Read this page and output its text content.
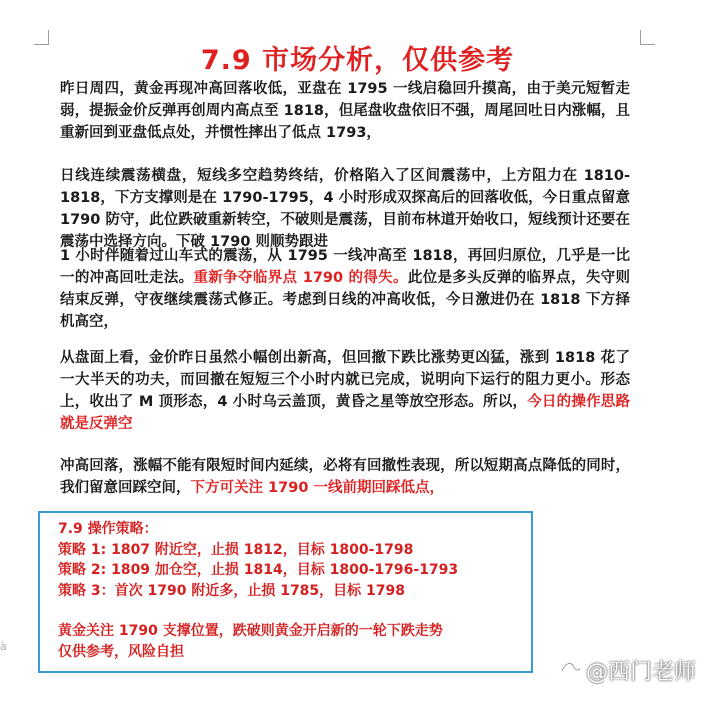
7.9 市场分析，仅供参考
昨日周四，黄金再现冲高回落收低，亚盘在 1795 一线启稳回升摸高，由于美元短暂走弱，提振金价反弹再创周内高点至 1818，但尾盘收盘依旧不强，周尾回吐日内涨幅，且重新回到亚盘低点处，并惯性摔出了低点 1793，
日线连续震荡横盘，短线多空趋势终结，价格陷入了区间震荡中，上方阻力在 1810-1818，下方支撑则是在 1790-1795，4 小时形成双探高后的回落收低，今日重点留意 1790 防守，此位跌破重新转空，不破则是震荡，目前布林道开始收口，短线预计还要在震荡中选择方向。下破 1790 则顺势跟进
1 小时伴随着过山车式的震荡，从 1795 一线冲高至 1818，再回归原位，几乎是一比一的冲高回吐走法。重新争夺临界点 1790 的得失。此位是多头反弹的临界点，失守则结束反弹，守夜继续震荡式修正。考虑到日线的冲高收低，今日激进仍在 1818 下方择机高空，
从盘面上看，金价昨日虽然小幅创出新高，但回撤下跌比涨势更凶猛，涨到 1818 花了一大半天的功夫，而回撤在短短三个小时内就已完成，说明向下运行的阻力更小。形态上，收出了 M 顶形态，4 小时乌云盖顶，黄昏之星等放空形态。所以，今日的操作思路就是反弹空
冲高回落，涨幅不能有限短时间内延续，必将有回撤性表现，所以短期高点降低的同时，我们留意回踩空间，下方可关注 1790 一线前期回踩低点，
7.9 操作策略：
策略 1: 1807 附近空，止损 1812，目标 1800-1798
策略 2: 1809 加仓空，止损 1814，目标 1800-1796-1793
策略 3：首次 1790 附近多，止损 1785，目标 1798
黄金关注 1790 支撑位置，跌破则黄金开启新的一轮下跌走势
仅供参考，风险自担
à
@西门老师
